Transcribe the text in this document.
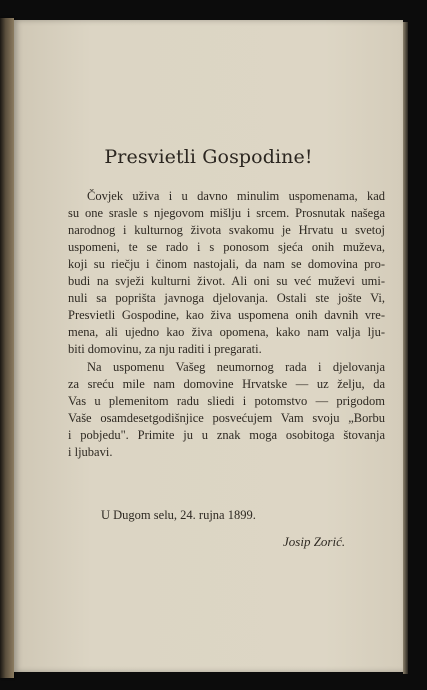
Presvietli Gospodine!
Čovjek uživa i u davno minulim uspomenama, kad
su one srasle s njegovom mišlju i srcem. Prosnutak našega
narodnog i kulturnog života svakomu je Hrvatu u svetoj
uspomeni, te se rado i s ponosom sjeća onih muževa,
koji su riečju i činom nastojali, da nam se domovina pro-
budi na svježi kulturni život. Ali oni su već muževi umi-
nuli sa poprišta javnoga djelovanja. Ostali ste jošte Vi,
Presvietli Gospodine, kao živa uspomena onih davnih vre-
mena, ali ujedno kao živa opomena, kako nam valja lju-
biti domovinu, za nju raditi i pregarati.
Na uspomenu Vašeg neumornog rada i djelovanja
za sreću mile nam domovine Hrvatske — uz želju, da
Vas u plemenitom radu sliedi i potomstvo — prigodom
Vaše osamdesetgodišnjice posvećujem Vam svoju „Borbu
i pobjedu". Primite ju u znak moga osobitoga štovanja
i ljubavi.
U Dugom selu, 24. rujna 1899.
Josip Zorić.
